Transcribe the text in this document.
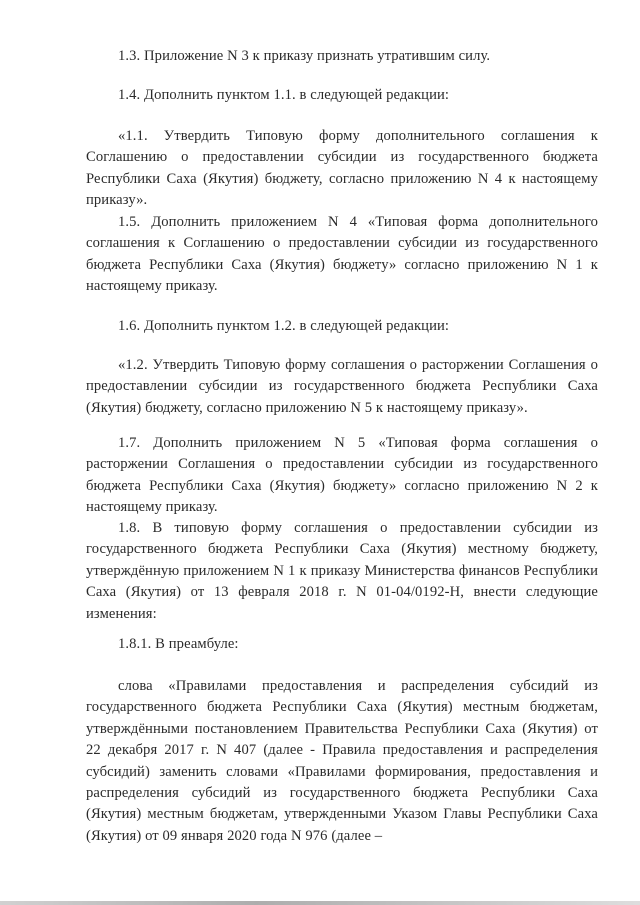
1.3. Приложение N 3 к приказу признать утратившим силу.

1.4. Дополнить пунктом 1.1. в следующей редакции:

«1.1. Утвердить Типовую форму дополнительного соглашения к Соглашению о предоставлении субсидии из государственного бюджета Республики Саха (Якутия) бюджету, согласно приложению N 4 к настоящему приказу».

1.5. Дополнить приложением N 4 «Типовая форма дополнительного соглашения к Соглашению о предоставлении субсидии из государственного бюджета Республики Саха (Якутия) бюджету» согласно приложению N 1 к настоящему приказу.

1.6. Дополнить пунктом 1.2. в следующей редакции:

«1.2. Утвердить Типовую форму соглашения о расторжении Соглашения о предоставлении субсидии из государственного бюджета Республики Саха (Якутия) бюджету, согласно приложению N 5 к настоящему приказу».

1.7. Дополнить приложением N 5 «Типовая форма соглашения о расторжении Соглашения о предоставлении субсидии из государственного бюджета Республики Саха (Якутия) бюджету» согласно приложению N 2 к настоящему приказу.

1.8. В типовую форму соглашения о предоставлении субсидии из государственного бюджета Республики Саха (Якутия) местному бюджету, утверждённую приложением N 1 к приказу Министерства финансов Республики Саха (Якутия) от 13 февраля 2018 г. N 01-04/0192-Н, внести следующие изменения:

1.8.1. В преамбуле:

слова «Правилами предоставления и распределения субсидий из государственного бюджета Республики Саха (Якутия) местным бюджетам, утверждёнными постановлением Правительства Республики Саха (Якутия) от 22 декабря 2017 г. N 407 (далее - Правила предоставления и распределения субсидий) заменить словами «Правилами формирования, предоставления и распределения субсидий из государственного бюджета Республики Саха (Якутия) местным бюджетам, утвержденными Указом Главы Республики Саха (Якутия) от 09 января 2020 года N 976 (далее –
